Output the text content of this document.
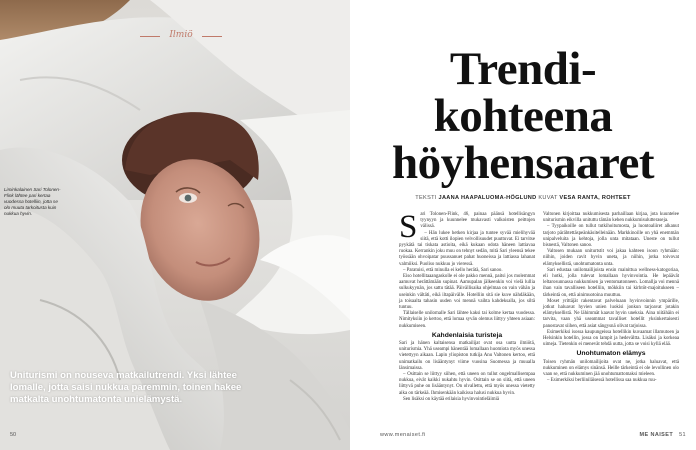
Ilmiö
Liminkalainen Sari Tolonen-Flink lähtee pari kertaa vuodessa hotelliin, jotta se olo muuta tarkoitusta kuin nukkua hyvin.
Uniturismi on nouseva matkailutrendi. Yksi lähtee lomalle, jotta saisi nukkua paremmin, toinen hakee matkalta unohtumatonta unielämystä.
50
Trendi-
kohteena
höyhensaaret
TEKSTI JAANA HAAPALUOMA-HÖGLUND KUVAT VESA RANTA, ROHTEET

Sari Tolonen-Flink, 46, painaa päänsä hotellisängyn tyynyyn ja kuunnelee mukavasti valkoisten peittojen välissä.

– Hän lukee hetken kirjaa ja tuntee syvää mielihyvää siitä, että kotti ilopien velvollisuudet puuttuvat. Ei tarvitse pyykätä tai tiskata astioita, eikä kukaan odota häneen lattiavaa ruokaa. Kerrankin joku muu on tehnyt sedän, mitä Sari yleensä tekee työssään ohvoipatar puussanuet pahat huoneissa ja lattiassa lahanat valmiiksi. Puoliso nukkuu jo vieressä.

– Paratuisi, että minulla ei kello herätä, Sari sanoo.

Eiso hotellitaaangaskolle ei ole pakko mennä, paitsi jos molemmat aamuvat herättämään supinat. Aamupalan jälkeenkin voi vielä lullia sulkukyynän, jos sattu tätää. Päivällisaika ohjelmaa on vain vähän ja useinkin vältäti, eikä iltapäivälle. Hotelliin sitä sie kuve nähdäkään, ja toisaalta tahasin uuden voi mennä vaihta kahdeksalla, jos siltä tuntuu.

Tällaiselle unilomalle Sari lähtee kaksi tai kolme kertaa vuodessa. Nimityksiin jo kertoo, että lomaa syvän olemus liittyy yhteen asiaan: nukkumiseen.

Kahdenlaisia turisteja

Sari ja hänen kaltaisensa matkailijat ovat osa uutta ilmiötä, uniturismia. Yhä useampi hänentää lomallaan huomiota myös unessa vietettyyn aikaan. Lapin yliopiston tutkija Anu Valtonen kertoo, että unimatkailu on lisääntynyt viime vuosina Suomessa ja muualla länsimaissa.

– Osittain se liittyy siihen, että uneen on tullut ongelmallisempaa nukkua, eivät kaikki nukahtu hyvin. Osittain se on siitä, että uneen liittyvä puhe on lisääntynyt. On olvallettu, että myös unessa vietetty aika on tärkeää. Ihmisenkään kaikissa halusi nukkua hyvin.

Sen lisäksi on käytää erilaisia hyvinvointieläimiä

Valtonen kirjoittaa nukkumisesta parhaillaan kirjaa, jota kuuntelee uniturismin eikvilla unituttu tämän kehen nukkumisulutteraseja.

– Tyypaikoille on tullut tutkihoitumosta, ja luontoaliiret alkanut tarjoto pärähtettäspeänkäsitelleinään. Markkinoille on yhä enemmän unipalveluita ja kehtoja, jolla unta mitataan. Uneste on tullut bisnestä, Valtonen sanoo.

Valtosen mukaan uniturtstit voi jakaa kahteen isoon ryhmään: niihin, joiden ravit hyvin uneta, ja niihin, jotka toivovat elämyksellistä, unohtumatonta unta.

Sari edustaa unilomailijoista ensin mainittua wellness-katogoriaa, eli hotki, jolla tulevat lomallaan hyvinvointia. He lepäävät leltarosunnassa nukkumisen ja ventomatonneen. Lomallja voi mennä ihan vain tavalliseen hotelliin, mökkiin tai kirhtöt-majoitukseen – tärkeintä on, että ainimuotoina muuttuu.

Moset yrittäjät rakentavat palveluaan hyvinvoinnin ympärille, jotkut haluavat hyvien unien luokisi jonkun tarjoavat jotakin elämyksellistä. Ne lähimmät kaavat hyvin uneksia. Aina niitähäin ei tarvita, vaan yhä useammat tavalliset hotellit yksinkertaisesti panostavat siihen, että asiat sängysnä olivat tarjoissa.

Esimerkiksi isossa kaupungeissa hotellikin kuvaamat illamutoen ja Helsinkin hotellin, jossa on lampit ja hedevältta. Lisäksi ja korkeaa uimeja. Tietenkin ei menevät tehdä uutta, jotta se voisi kyllä elää.

Unohtumaton elämys

Toisen ryhmän unilomailijoita ovat ne, jotka haluavat, että nukkuminen on elämys sinänsä. Heille tärkeintä ei ole levollinen olo vaan se, että nukkuminen jää unohtumattomaksi mieleen.

– Esimerkiksi berliiniläisessä hotellissa saa nukkua ruu-

www.menaiset.fi	ME NAISET 51
